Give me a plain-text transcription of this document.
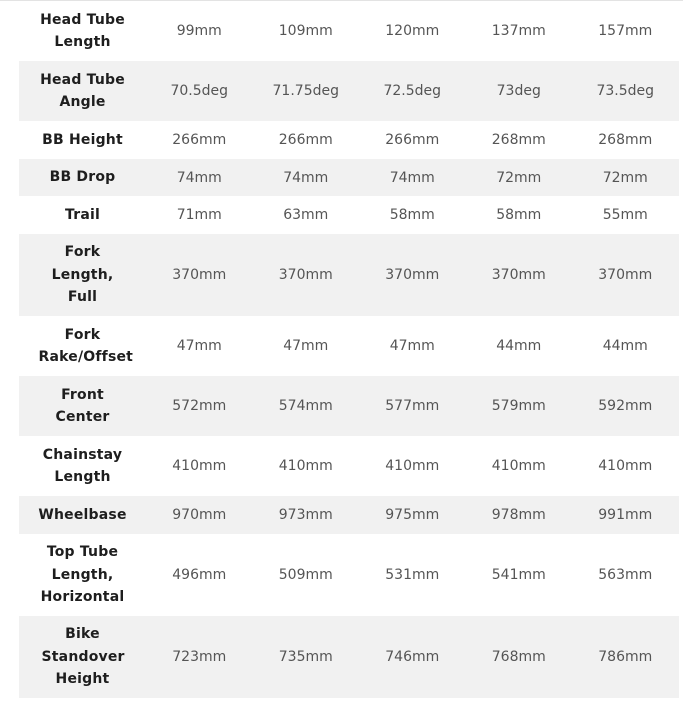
Head Tube Length	99mm	109mm	120mm	137mm	157mm
Head Tube Angle	70.5deg	71.75deg	72.5deg	73deg	73.5deg
BB Height	266mm	266mm	266mm	268mm	268mm
BB Drop	74mm	74mm	74mm	72mm	72mm
Trail	71mm	63mm	58mm	58mm	55mm
Fork Length, Full	370mm	370mm	370mm	370mm	370mm
Fork Rake/Offset	47mm	47mm	47mm	44mm	44mm
Front Center	572mm	574mm	577mm	579mm	592mm
Chainstay Length	410mm	410mm	410mm	410mm	410mm
Wheelbase	970mm	973mm	975mm	978mm	991mm
Top Tube Length, Horizontal	496mm	509mm	531mm	541mm	563mm
Bike Standover Height	723mm	735mm	746mm	768mm	786mm
